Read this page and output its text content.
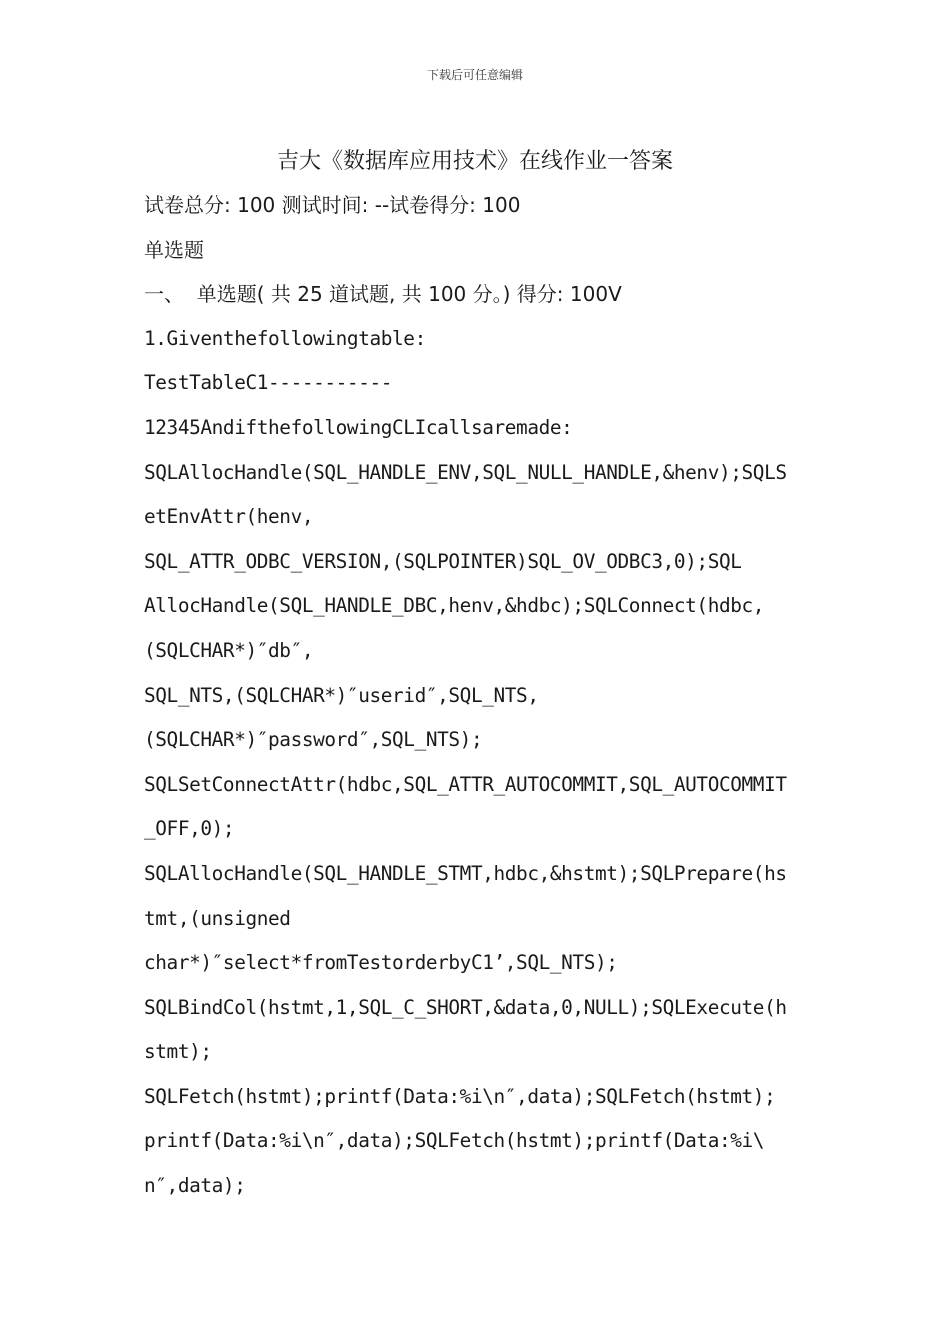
下载后可任意编辑
吉大《数据库应用技术》在线作业一答案
试卷总分: 100 测试时间: --试卷得分: 100
单选题
一、  单选题( 共 25 道试题, 共 100 分。) 得分: 100V
1.Giventhefollowingtable:
TestTableC1-----------
12345AndifthefollowingCLIcallsaremade:
SQLAllocHandle(SQL_HANDLE_ENV,SQL_NULL_HANDLE,&henv);SQLS
etEnvAttr(henv,
SQL_ATTR_ODBC_VERSION,(SQLPOINTER)SQL_OV_ODBC3,0);SQL
AllocHandle(SQL_HANDLE_DBC,henv,&hdbc);SQLConnect(hdbc,
(SQLCHAR*)″db″,
SQL_NTS,(SQLCHAR*)″userid″,SQL_NTS,
(SQLCHAR*)″password″,SQL_NTS);
SQLSetConnectAttr(hdbc,SQL_ATTR_AUTOCOMMIT,SQL_AUTOCOMMIT
_OFF,0);
SQLAllocHandle(SQL_HANDLE_STMT,hdbc,&hstmt);SQLPrepare(hs
tmt,(unsigned
char*)″select*fromTestorderbyC1’,SQL_NTS);
SQLBindCol(hstmt,1,SQL_C_SHORT,&data,0,NULL);SQLExecute(h
stmt);
SQLFetch(hstmt);printf(Data:%i\n″,data);SQLFetch(hstmt);
printf(Data:%i\n″,data);SQLFetch(hstmt);printf(Data:%i\
n″,data);
